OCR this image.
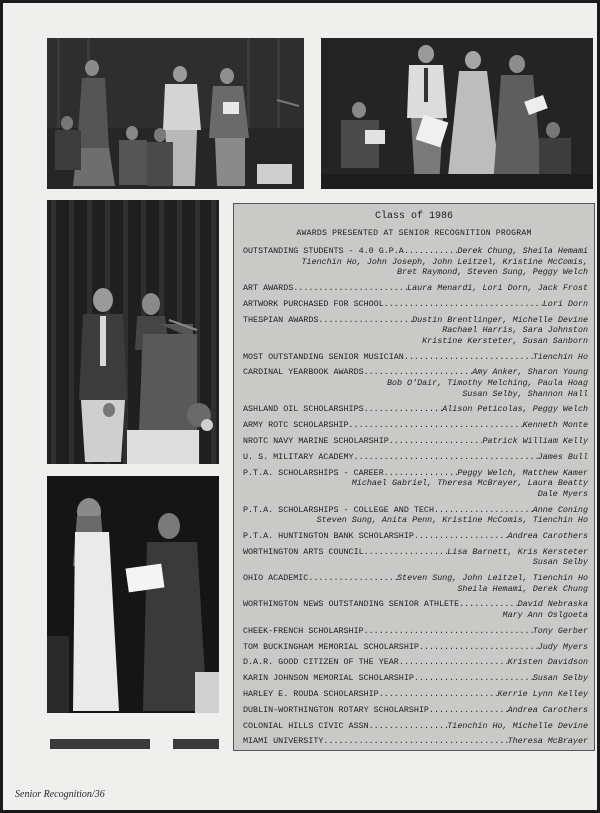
Class of 1986
AWARDS PRESENTED AT SENIOR RECOGNITION PROGRAM
OUTSTANDING STUDENTS - 4.0 G.P.A. .....	Derek Chung, Sheila Hemami
Tienchin Ho, John Joseph, John Leitzel, Kristine McComis,
Bret Raymond, Steven Sung, Peggy Welch
ART AWARDS .....	Laura Menardi, Lori Dorn, Jack Frost
ARTWORK PURCHASED FOR SCHOOL .....	Lori Dorn
THESPIAN AWARDS .....	Dustin Brentlinger, Michelle Devine
Rachael Harris, Sara Johnston
Kristine Kersteter, Susan Sanborn
MOST OUTSTANDING SENIOR MUSICIAN .....	Tienchin Ho
CARDINAL YEARBOOK AWARDS .....	Amy Anker, Sharon Young
Bob O'Dair, Timothy Melching, Paula Hoag
Susan Selby, Shannon Hall
ASHLAND OIL SCHOLARSHIPS .....	Alison Peticolas, Peggy Welch
ARMY ROTC SCHOLARSHIP .....	Kenneth Monte
NROTC NAVY MARINE SCHOLARSHIP .....	Patrick William Kelly
U. S. MILITARY ACADEMY .....	James Bull
P.T.A. SCHOLARSHIPS - CAREER .....	Peggy Welch, Matthew Kamer
Michael Gabriel, Theresa McBrayer, Laura Beatty
Dale Myers
P.T.A. SCHOLARSHIPS - COLLEGE AND TECH. .....	Anne Coning
Steven Sung, Anita Penn, Kristine McComis, Tienchin Ho
P.T.A. HUNTINGTON BANK SCHOLARSHIP .....	Andrea Carothers
WORTHINGTON ARTS COUNCIL .....	Lisa Barnett, Kris Kersteter
Susan Selby
OHIO ACADEMIC .....	Steven Sung, John Leitzel, Tienchin Ho
Sheila Hemami, Derek Chung
WORTHINGTON NEWS OUTSTANDING SENIOR ATHLETE .....	David Nebraska
Mary Ann Oslgoeta
CHEEK-FRENCH SCHOLARSHIP .....	Tony Gerber
TOM BUCKINGHAM MEMORIAL SCHOLARSHIP .....	Judy Myers
D.A.R. GOOD CITIZEN OF THE YEAR .....	Kristen Davidson
KARIN JOHNSON MEMORIAL SCHOLARSHIP .....	Susan Selby
HARLEY E. ROUDA SCHOLARSHIP .....	Kerrie Lynn Kelley
DUBLIN-WORTHINGTON ROTARY SCHOLARSHIP .....	Andrea Carothers
COLONIAL HILLS CIVIC ASSN .....	Tienchin Ho, Michelle Devine
MIAMI UNIVERSITY .....	Theresa McBrayer
Senior Recognition/36
